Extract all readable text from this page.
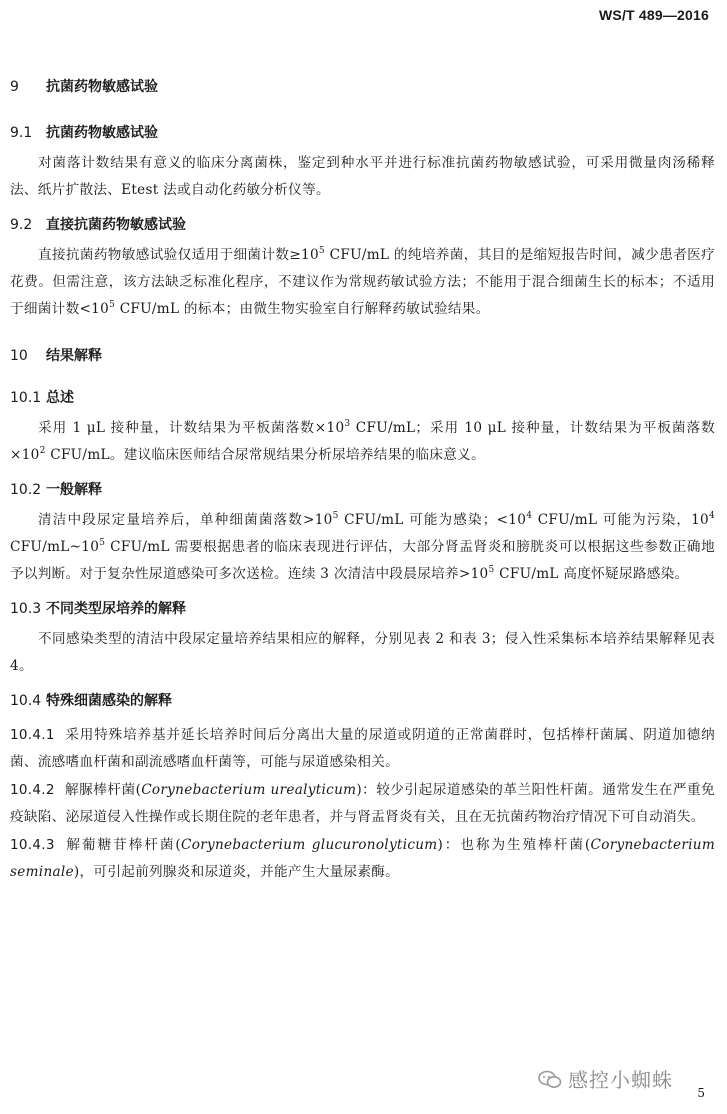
WS/T 489—2016
9 抗菌药物敏感试验
9.1 抗菌药物敏感试验

对菌落计数结果有意义的临床分离菌株，鉴定到种水平并进行标准抗菌药物敏感试验，可采用微量肉汤稀释法、纸片扩散法、Etest 法或自动化药敏分析仪等。

9.2 直接抗菌药物敏感试验

直接抗菌药物敏感试验仅适用于细菌计数$\ge 10^5$ CFU/mL 的纯培养菌，其目的是缩短报告时间，减少患者医疗花费。但需注意，该方法缺乏标准化程序，不建议作为常规药敏试验方法；不能用于混合细菌生长的标本；不适用于细菌计数$<10^5$ CFU/mL 的标本；由微生物实验室自行解释药敏试验结果。

10 结果解释
10.1 总述

采用 1 μL 接种量，计数结果为平板菌落数$\times 10^3$ CFU/mL；采用 10 μL 接种量，计数结果为平板菌落数$\times 10^2$ CFU/mL。建议临床医师结合尿常规结果分析尿培养结果的临床意义。

10.2 一般解释

清洁中段尿定量培养后，单种细菌菌落数$>10^5$ CFU/mL 可能为感染；$<10^4$ CFU/mL 可能为污染，$10^4$ CFU/$mL\sim 10^5$ CFU/mL 需要根据患者的临床表现进行评估，大部分肾盂肾炎和膀胱炎可以根据这些参数正确地予以判断。对于复杂性尿道感染可多次送检。连续 3 次清洁中段晨尿培养$>10^5$ CFU/mL 高度怀疑尿路感染。

10.3 不同类型尿培养的解释

不同感染类型的清洁中段尿定量培养结果相应的解释，分别见表 2 和表 3；侵入性采集标本培养结果解释见表 4。

10.4 特殊细菌感染的解释

10.4.1 采用特殊培养基并延长培养时间后分离出大量的尿道或阴道的正常菌群时，包括棒杆菌属、阴道加德纳菌、流感嗜血杆菌和副流感嗜血杆菌等，可能与尿道感染相关。

10.4.2 解脲棒杆菌(Corynebacterium urealyticum)：较少引起尿道感染的革兰阳性杆菌。通常发生在严重免疫缺陷、泌尿道侵入性操作或长期住院的老年患者，并与肾盂肾炎有关，且在无抗菌药物治疗情况下可自动消失。

10.4.3 解葡糖苷棒杆菌(Corynebacterium glucuronolyticum)：也称为生殖棒杆菌(Corynebacterium seminale)，可引起前列腺炎和尿道炎，并能产生大量尿素酶。

感控小蜘蛛
5
